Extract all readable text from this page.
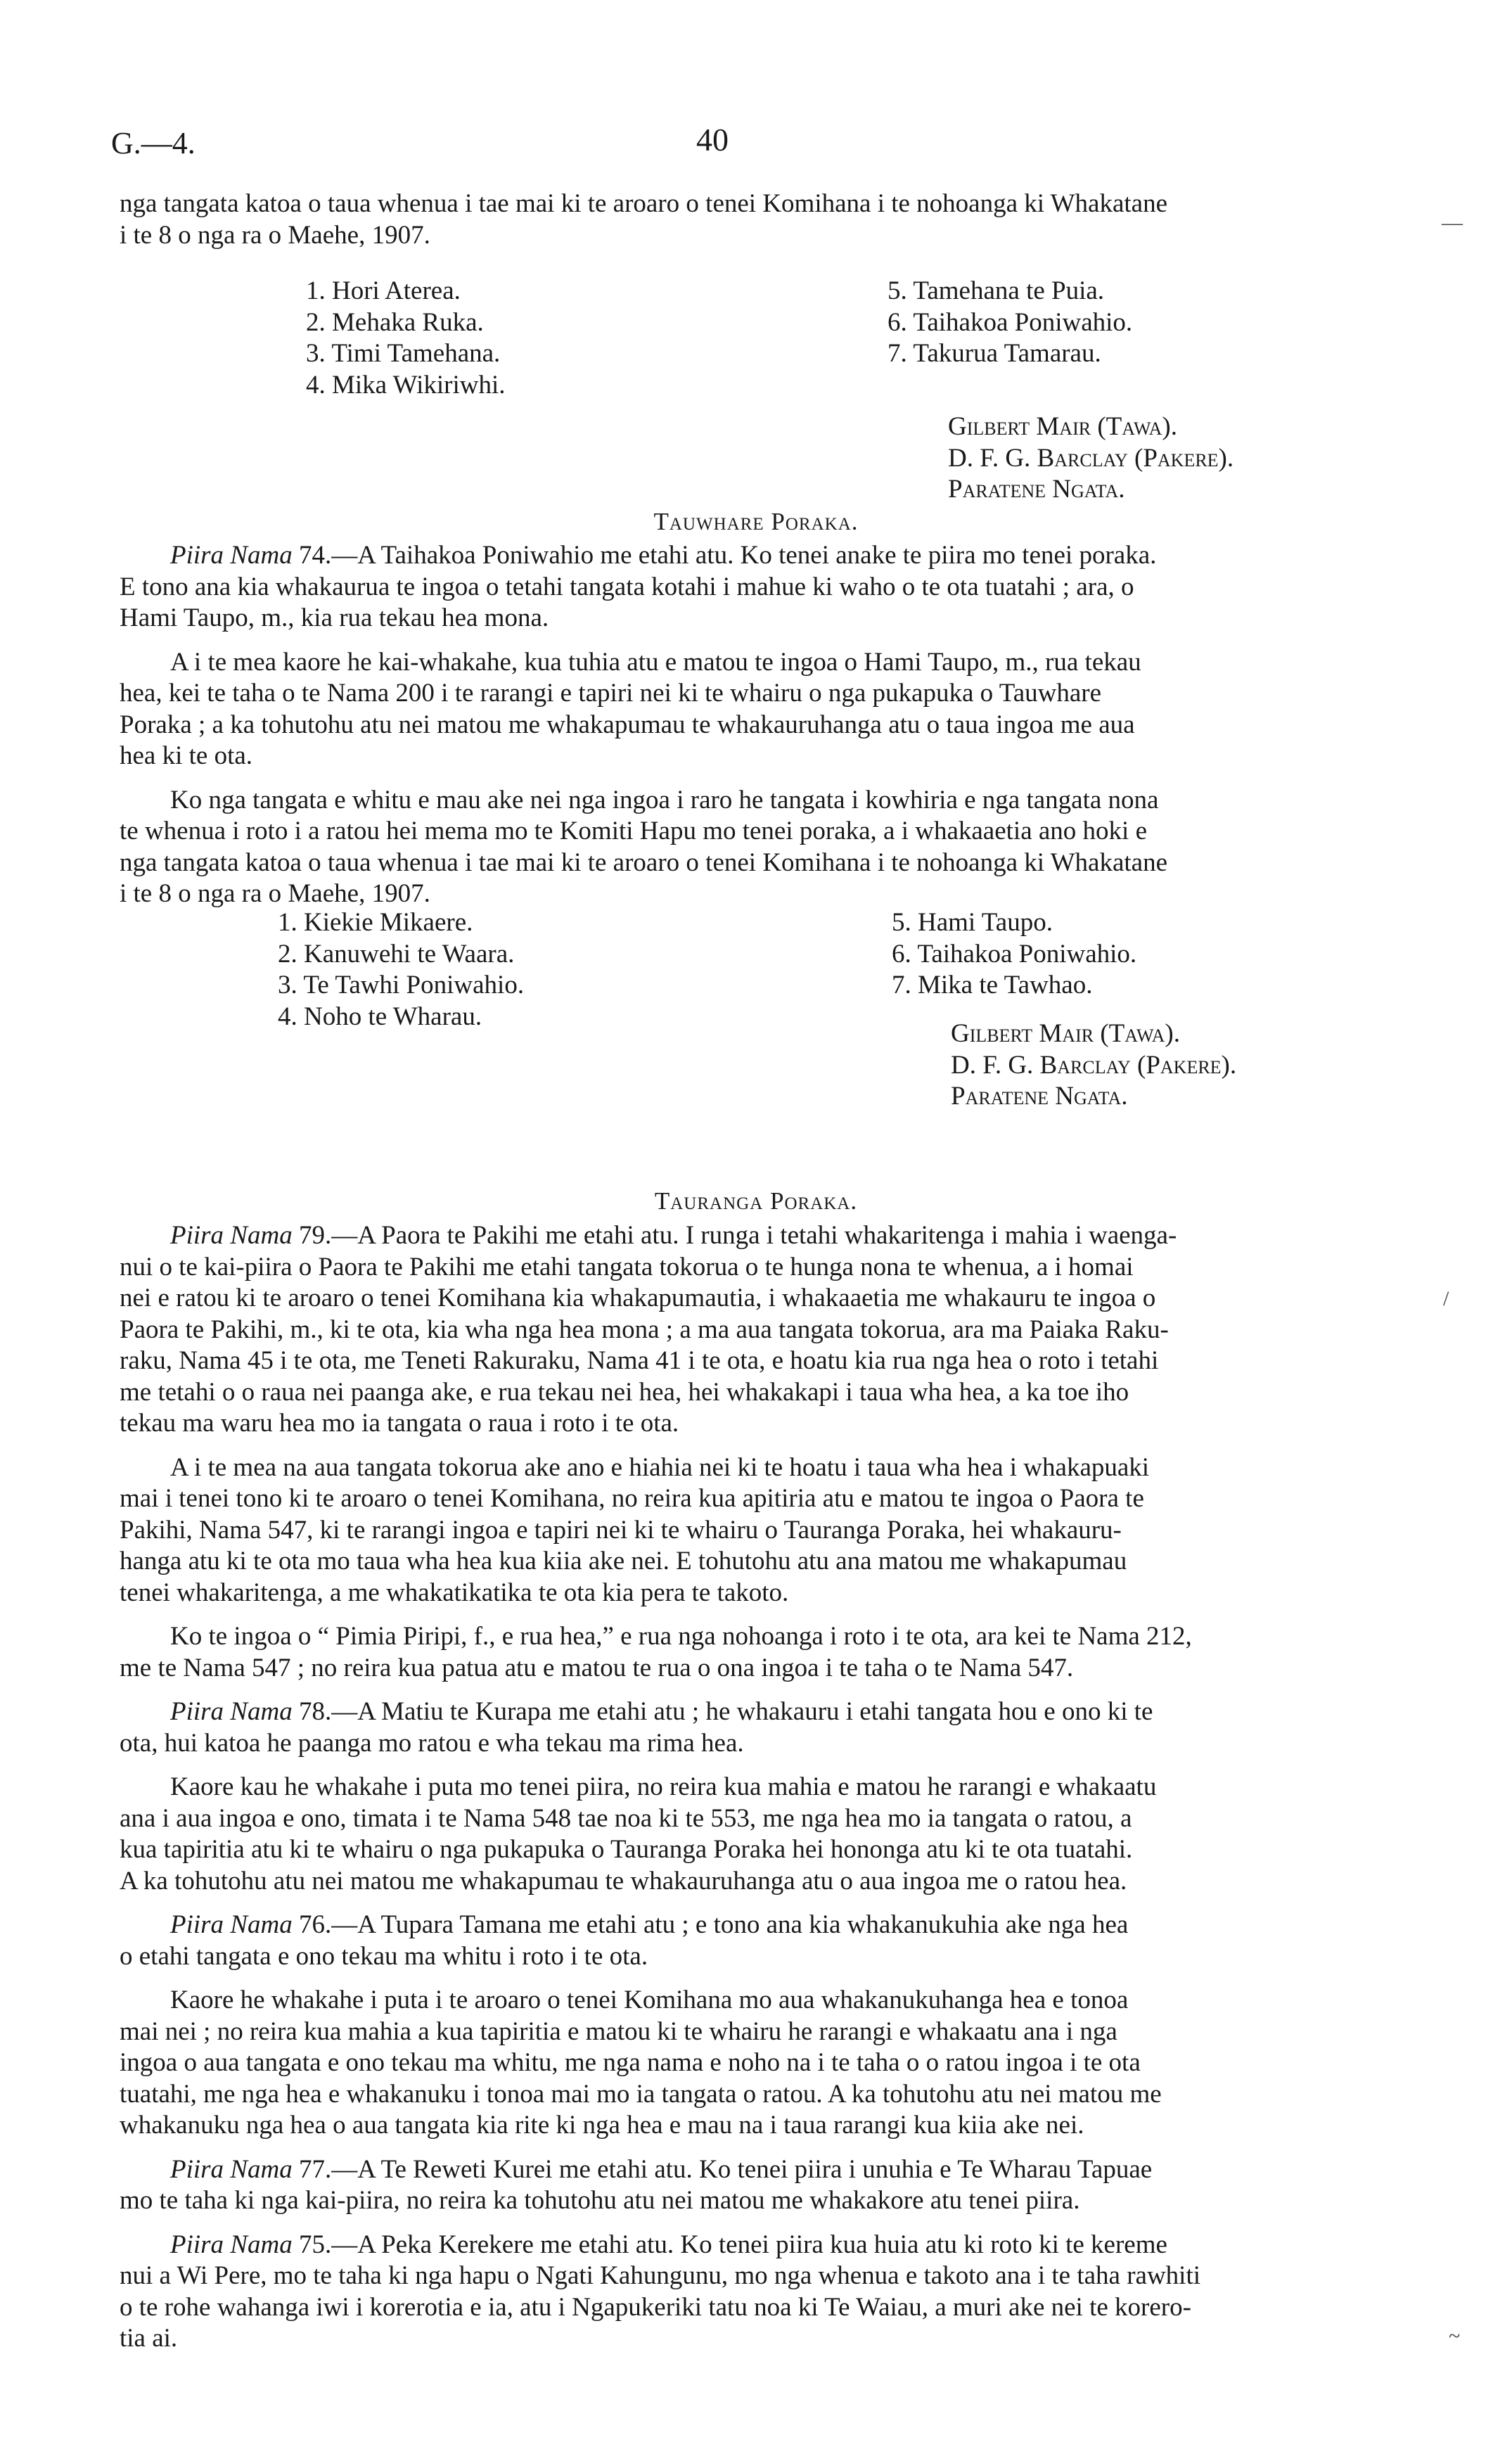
G.—4.	40
nga tangata katoa o taua whenua i tae mai ki te aroaro o tenei Komihana i te nohoanga ki Whakatane
i te 8 o nga ra o Maehe, 1907.
1. Hori Aterea.
2. Mehaka Ruka.
3. Timi Tamehana.
4. Mika Wikiriwhi.
5. Tamehana te Puia.
6. Taihakoa Poniwahio.
7. Takurua Tamarau.
Gilbert Mair (Tawa).
D. F. G. Barclay (Pakere).
Paratene Ngata.
Tauwhare Poraka.
Piira Nama 74.—A Taihakoa Poniwahio me etahi atu. Ko tenei anake te piira mo tenei poraka.
E tono ana kia whakaurua te ingoa o tetahi tangata kotahi i mahue ki waho o te ota tuatahi ; ara, o
Hami Taupo, m., kia rua tekau hea mona.
A i te mea kaore he kai-whakahe, kua tuhia atu e matou te ingoa o Hami Taupo, m., rua tekau
hea, kei te taha o te Nama 200 i te rarangi e tapiri nei ki te whairu o nga pukapuka o Tauwhare
Poraka ; a ka tohutohu atu nei matou me whakapumau te whakauruhanga atu o taua ingoa me aua
hea ki te ota.
Ko nga tangata e whitu e mau ake nei nga ingoa i raro he tangata i kowhiria e nga tangata nona
te whenua i roto i a ratou hei mema mo te Komiti Hapu mo tenei poraka, a i whakaaetia ano hoki e
nga tangata katoa o taua whenua i tae mai ki te aroaro o tenei Komihana i te nohoanga ki Whakatane
i te 8 o nga ra o Maehe, 1907.
1. Kiekie Mikaere.
2. Kanuwehi te Waara.
3. Te Tawhi Poniwahio.
4. Noho te Wharau.
5. Hami Taupo.
6. Taihakoa Poniwahio.
7. Mika te Tawhao.
Gilbert Mair (Tawa).
D. F. G. Barclay (Pakere).
Paratene Ngata.
Tauranga Poraka.
Piira Nama 79.—A Paora te Pakihi me etahi atu. I runga i tetahi whakaritenga i mahia i waenga-
nui o te kai-piira o Paora te Pakihi me etahi tangata tokorua o te hunga nona te whenua, a i homai
nei e ratou ki te aroaro o tenei Komihana kia whakapumautia, i whakaaetia me whakauru te ingoa o
Paora te Pakihi, m., ki te ota, kia wha nga hea mona ; a ma aua tangata tokorua, ara ma Paiaka Raku-
raku, Nama 45 i te ota, me Teneti Rakuraku, Nama 41 i te ota, e hoatu kia rua nga hea o roto i tetahi
me tetahi o o raua nei paanga ake, e rua tekau nei hea, hei whakakapi i taua wha hea, a ka toe iho
tekau ma waru hea mo ia tangata o raua i roto i te ota.
A i te mea na aua tangata tokorua ake ano e hiahia nei ki te hoatu i taua wha hea i whakapuaki
mai i tenei tono ki te aroaro o tenei Komihana, no reira kua apitiria atu e matou te ingoa o Paora te
Pakihi, Nama 547, ki te rarangi ingoa e tapiri nei ki te whairu o Tauranga Poraka, hei whakauru-
hanga atu ki te ota mo taua wha hea kua kiia ake nei. E tohutohu atu ana matou me whakapumau
tenei whakaritenga, a me whakatikatika te ota kia pera te takoto.
Ko te ingoa o “ Pimia Piripi, f., e rua hea,” e rua nga nohoanga i roto i te ota, ara kei te Nama 212,
me te Nama 547 ; no reira kua patua atu e matou te rua o ona ingoa i te taha o te Nama 547.
Piira Nama 78.—A Matiu te Kurapa me etahi atu ; he whakauru i etahi tangata hou e ono ki te
ota, hui katoa he paanga mo ratou e wha tekau ma rima hea.
Kaore kau he whakahe i puta mo tenei piira, no reira kua mahia e matou he rarangi e whakaatu
ana i aua ingoa e ono, timata i te Nama 548 tae noa ki te 553, me nga hea mo ia tangata o ratou, a
kua tapiritia atu ki te whairu o nga pukapuka o Tauranga Poraka hei hononga atu ki te ota tuatahi.
A ka tohutohu atu nei matou me whakapumau te whakauruhanga atu o aua ingoa me o ratou hea.
Piira Nama 76.—A Tupara Tamana me etahi atu ; e tono ana kia whakanukuhia ake nga hea
o etahi tangata e ono tekau ma whitu i roto i te ota.
Kaore he whakahe i puta i te aroaro o tenei Komihana mo aua whakanukuhanga hea e tonoa
mai nei ; no reira kua mahia a kua tapiritia e matou ki te whairu he rarangi e whakaatu ana i nga
ingoa o aua tangata e ono tekau ma whitu, me nga nama e noho na i te taha o o ratou ingoa i te ota
tuatahi, me nga hea e whakanuku i tonoa mai mo ia tangata o ratou. A ka tohutohu atu nei matou me
whakanuku nga hea o aua tangata kia rite ki nga hea e mau na i taua rarangi kua kiia ake nei.
Piira Nama 77.—A Te Reweti Kurei me etahi atu. Ko tenei piira i unuhia e Te Wharau Tapuae
mo te taha ki nga kai-piira, no reira ka tohutohu atu nei matou me whakakore atu tenei piira.
Piira Nama 75.—A Peka Kerekere me etahi atu. Ko tenei piira kua huia atu ki roto ki te kereme
nui a Wi Pere, mo te taha ki nga hapu o Ngati Kahungunu, mo nga whenua e takoto ana i te taha rawhiti
o te rohe wahanga iwi i korerotia e ia, atu i Ngapukeriki tatu noa ki Te Waiau, a muri ake nei te korero-
tia ai.
—
/
~
